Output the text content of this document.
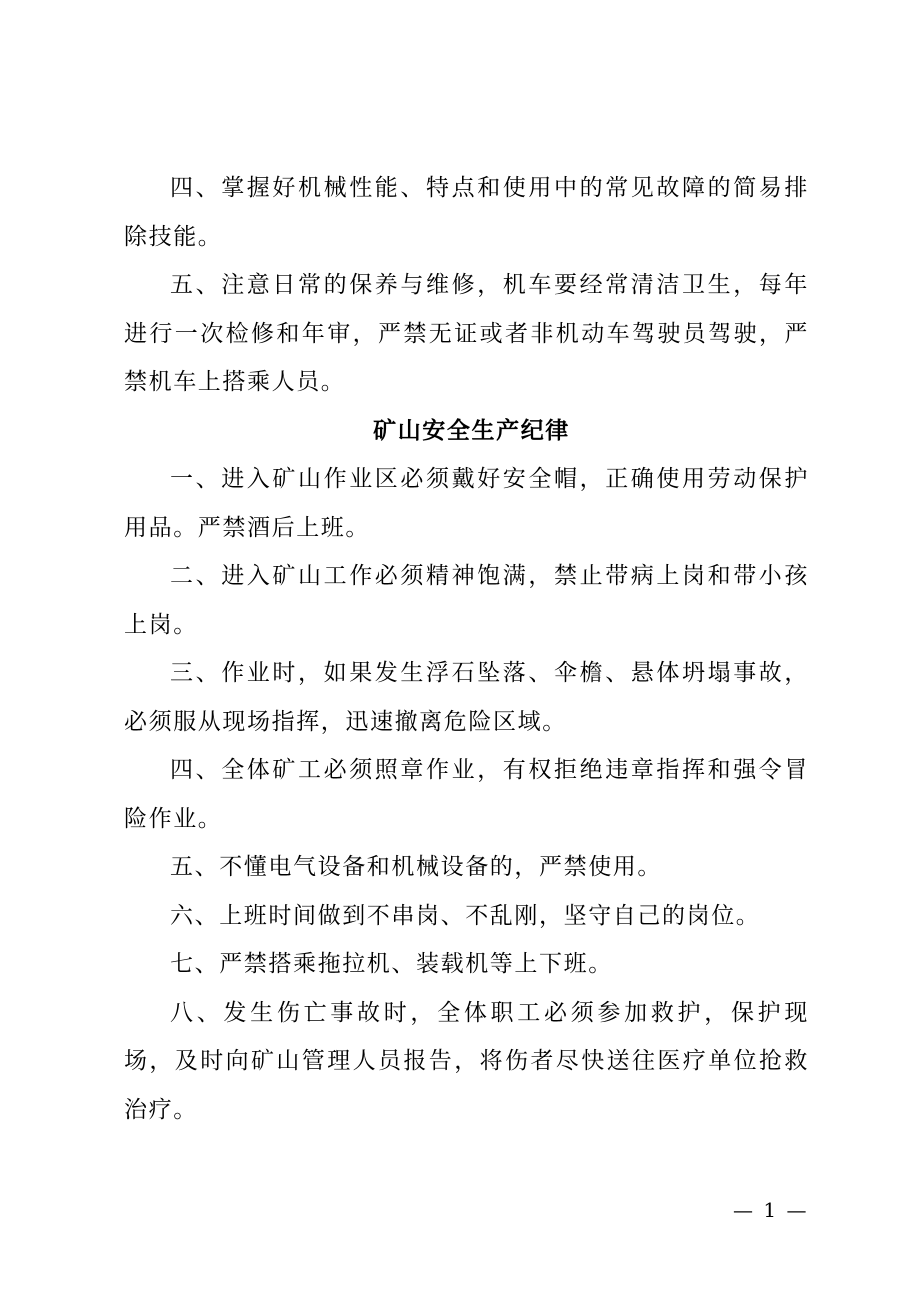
四、掌握好机械性能、特点和使用中的常见故障的简易排除技能。

五、注意日常的保养与维修，机车要经常清洁卫生，每年进行一次检修和年审，严禁无证或者非机动车驾驶员驾驶，严禁机车上搭乘人员。

矿山安全生产纪律

一、进入矿山作业区必须戴好安全帽，正确使用劳动保护用品。严禁酒后上班。

二、进入矿山工作必须精神饱满，禁止带病上岗和带小孩上岗。

三、作业时，如果发生浮石坠落、伞檐、悬体坍塌事故，必须服从现场指挥，迅速撤离危险区域。

四、全体矿工必须照章作业，有权拒绝违章指挥和强令冒险作业。

五、不懂电气设备和机械设备的，严禁使用。

六、上班时间做到不串岗、不乱刚，坚守自己的岗位。

七、严禁搭乘拖拉机、装载机等上下班。

八、发生伤亡事故时，全体职工必须参加救护，保护现场，及时向矿山管理人员报告，将伤者尽快送往医疗单位抢救治疗。

— 1 —
